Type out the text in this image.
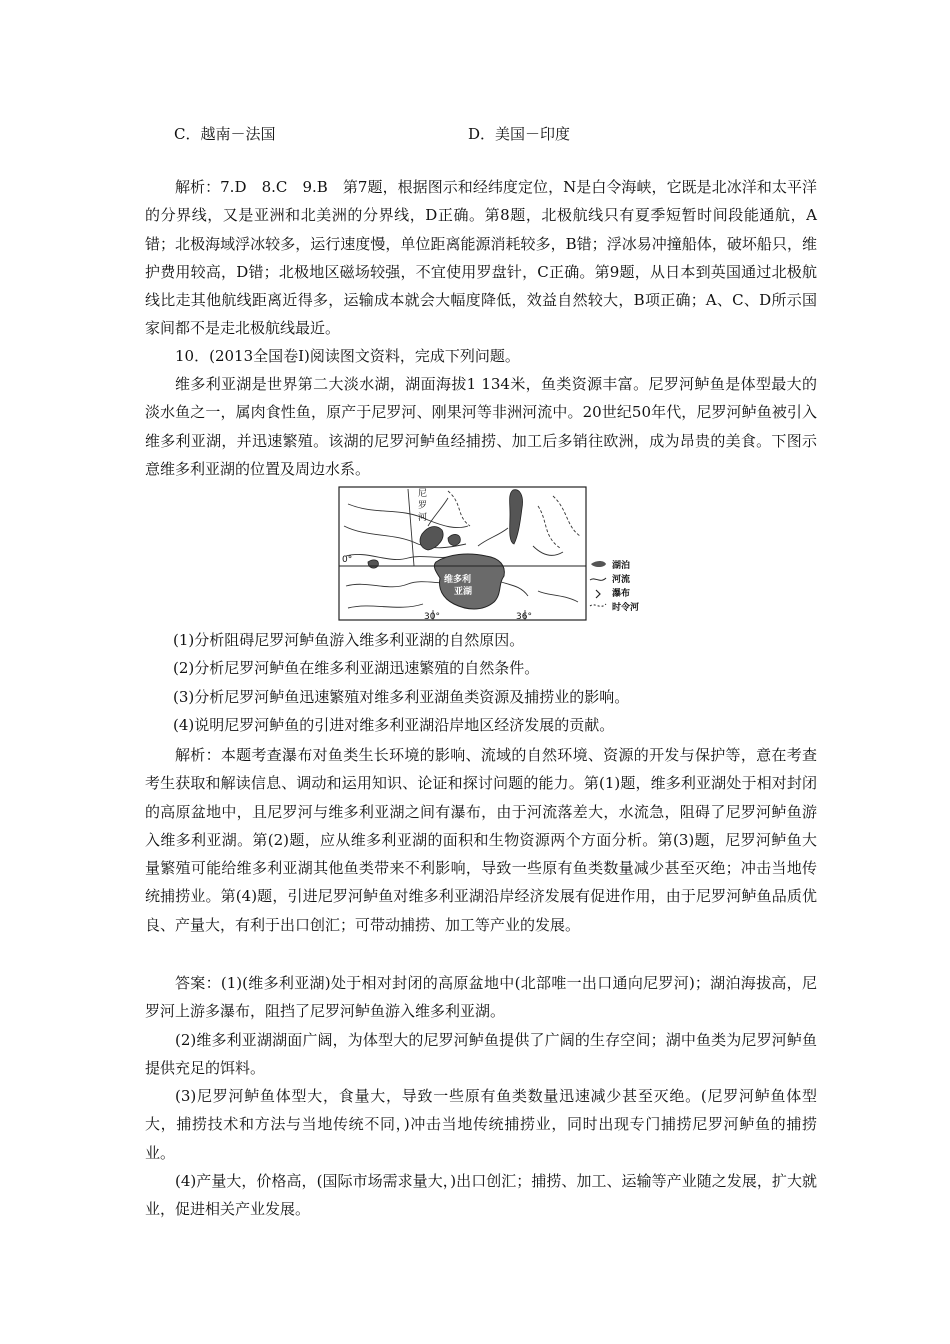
C．越南－法国	D．美国－印度

解析：7.D　8.C　9.B　第7题，根据图示和经纬度定位，N是白令海峡，它既是北冰洋和太平洋的分界线，又是亚洲和北美洲的分界线，D正确。第8题，北极航线只有夏季短暂时间段能通航，A错；北极海域浮冰较多，运行速度慢，单位距离能源消耗较多，B错；浮冰易冲撞船体，破坏船只，维护费用较高，D错；北极地区磁场较强，不宜使用罗盘针，C正确。第9题，从日本到英国通过北极航线比走其他航线距离近得多，运输成本就会大幅度降低，效益自然较大，B项正确；A、C、D所示国家间都不是走北极航线最近。

10．(2013全国卷Ⅰ)阅读图文资料，完成下列问题。

维多利亚湖是世界第二大淡水湖，湖面海拔1 134米，鱼类资源丰富。尼罗河鲈鱼是体型最大的淡水鱼之一，属肉食性鱼，原产于尼罗河、刚果河等非洲河流中。20世纪50年代，尼罗河鲈鱼被引入维多利亚湖，并迅速繁殖。该湖的尼罗河鲈鱼经捕捞、加工后多销往欧洲，成为昂贵的美食。下图示意维多利亚湖的位置及周边水系。

尼
罗
河
0°
30°	36°
维多利
亚湖
湖泊
河流
瀑布
时令河
(1)分析阻碍尼罗河鲈鱼游入维多利亚湖的自然原因。
(2)分析尼罗河鲈鱼在维多利亚湖迅速繁殖的自然条件。
(3)分析尼罗河鲈鱼迅速繁殖对维多利亚湖鱼类资源及捕捞业的影响。
(4)说明尼罗河鲈鱼的引进对维多利亚湖沿岸地区经济发展的贡献。

解析：本题考查瀑布对鱼类生长环境的影响、流域的自然环境、资源的开发与保护等，意在考查考生获取和解读信息、调动和运用知识、论证和探讨问题的能力。第(1)题，维多利亚湖处于相对封闭的高原盆地中，且尼罗河与维多利亚湖之间有瀑布，由于河流落差大，水流急，阻碍了尼罗河鲈鱼游入维多利亚湖。第(2)题，应从维多利亚湖的面积和生物资源两个方面分析。第(3)题，尼罗河鲈鱼大量繁殖可能给维多利亚湖其他鱼类带来不利影响，导致一些原有鱼类数量减少甚至灭绝；冲击当地传统捕捞业。第(4)题，引进尼罗河鲈鱼对维多利亚湖沿岸经济发展有促进作用，由于尼罗河鲈鱼品质优良、产量大，有利于出口创汇；可带动捕捞、加工等产业的发展。

答案：(1)(维多利亚湖)处于相对封闭的高原盆地中(北部唯一出口通向尼罗河)；湖泊海拔高，尼罗河上游多瀑布，阻挡了尼罗河鲈鱼游入维多利亚湖。

(2)维多利亚湖湖面广阔，为体型大的尼罗河鲈鱼提供了广阔的生存空间；湖中鱼类为尼罗河鲈鱼提供充足的饵料。

(3)尼罗河鲈鱼体型大，食量大，导致一些原有鱼类数量迅速减少甚至灭绝。(尼罗河鲈鱼体型大，捕捞技术和方法与当地传统不同，)冲击当地传统捕捞业，同时出现专门捕捞尼罗河鲈鱼的捕捞业。

(4)产量大，价格高，(国际市场需求量大，)出口创汇；捕捞、加工、运输等产业随之发展，扩大就业，促进相关产业发展。
